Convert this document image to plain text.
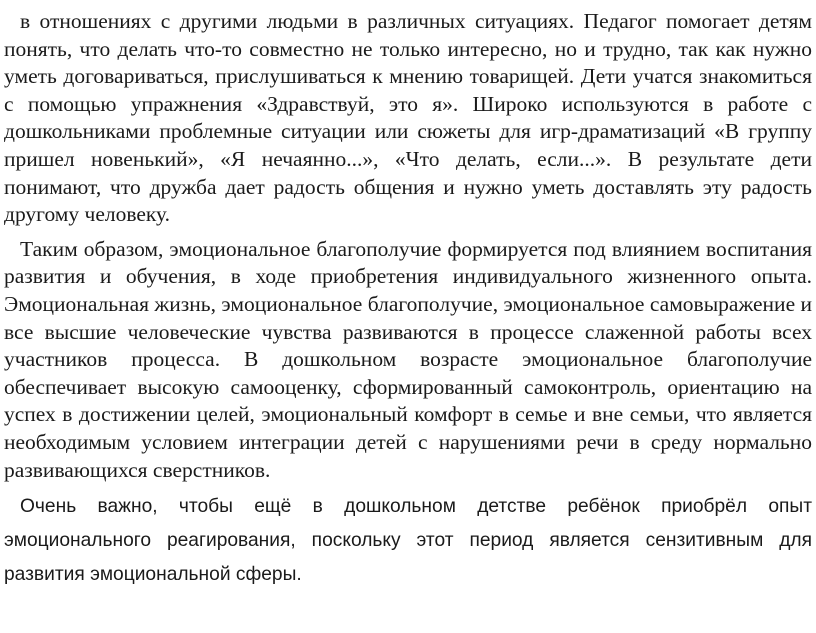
в отношениях с другими людьми в различных ситуациях. Педагог помогает детям понять, что делать что-то совместно не только интересно, но и трудно, так как нужно уметь договариваться, прислушиваться к мнению товарищей. Дети учатся знакомиться с помощью упражнения «Здравствуй, это я». Широко используются в работе с дошкольниками проблемные ситуации или сюжеты для игр-драматизаций «В группу пришел новенький», «Я нечаянно...», «Что делать, если...». В результате дети понимают, что дружба дает радость общения и нужно уметь доставлять эту радость другому человеку.

Таким образом, эмоциональное благополучие формируется под влиянием воспитания развития и обучения, в ходе приобретения индивидуального жизненного опыта. Эмоциональная жизнь, эмоциональное благополучие, эмоциональное самовыражение и все высшие человеческие чувства развиваются в процессе слаженной работы всех участников процесса. В дошкольном возрасте эмоциональное благополучие обеспечивает высокую самооценку, сформированный самоконтроль, ориентацию на успех в достижении целей, эмоциональный комфорт в семье и вне семьи, что является необходимым условием интеграции детей с нарушениями речи в среду нормально развивающихся сверстников.

Очень важно, чтобы ещё в дошкольном детстве ребёнок приобрёл опыт эмоционального реагирования, поскольку этот период является сензитивным для развития эмоциональной сферы.
